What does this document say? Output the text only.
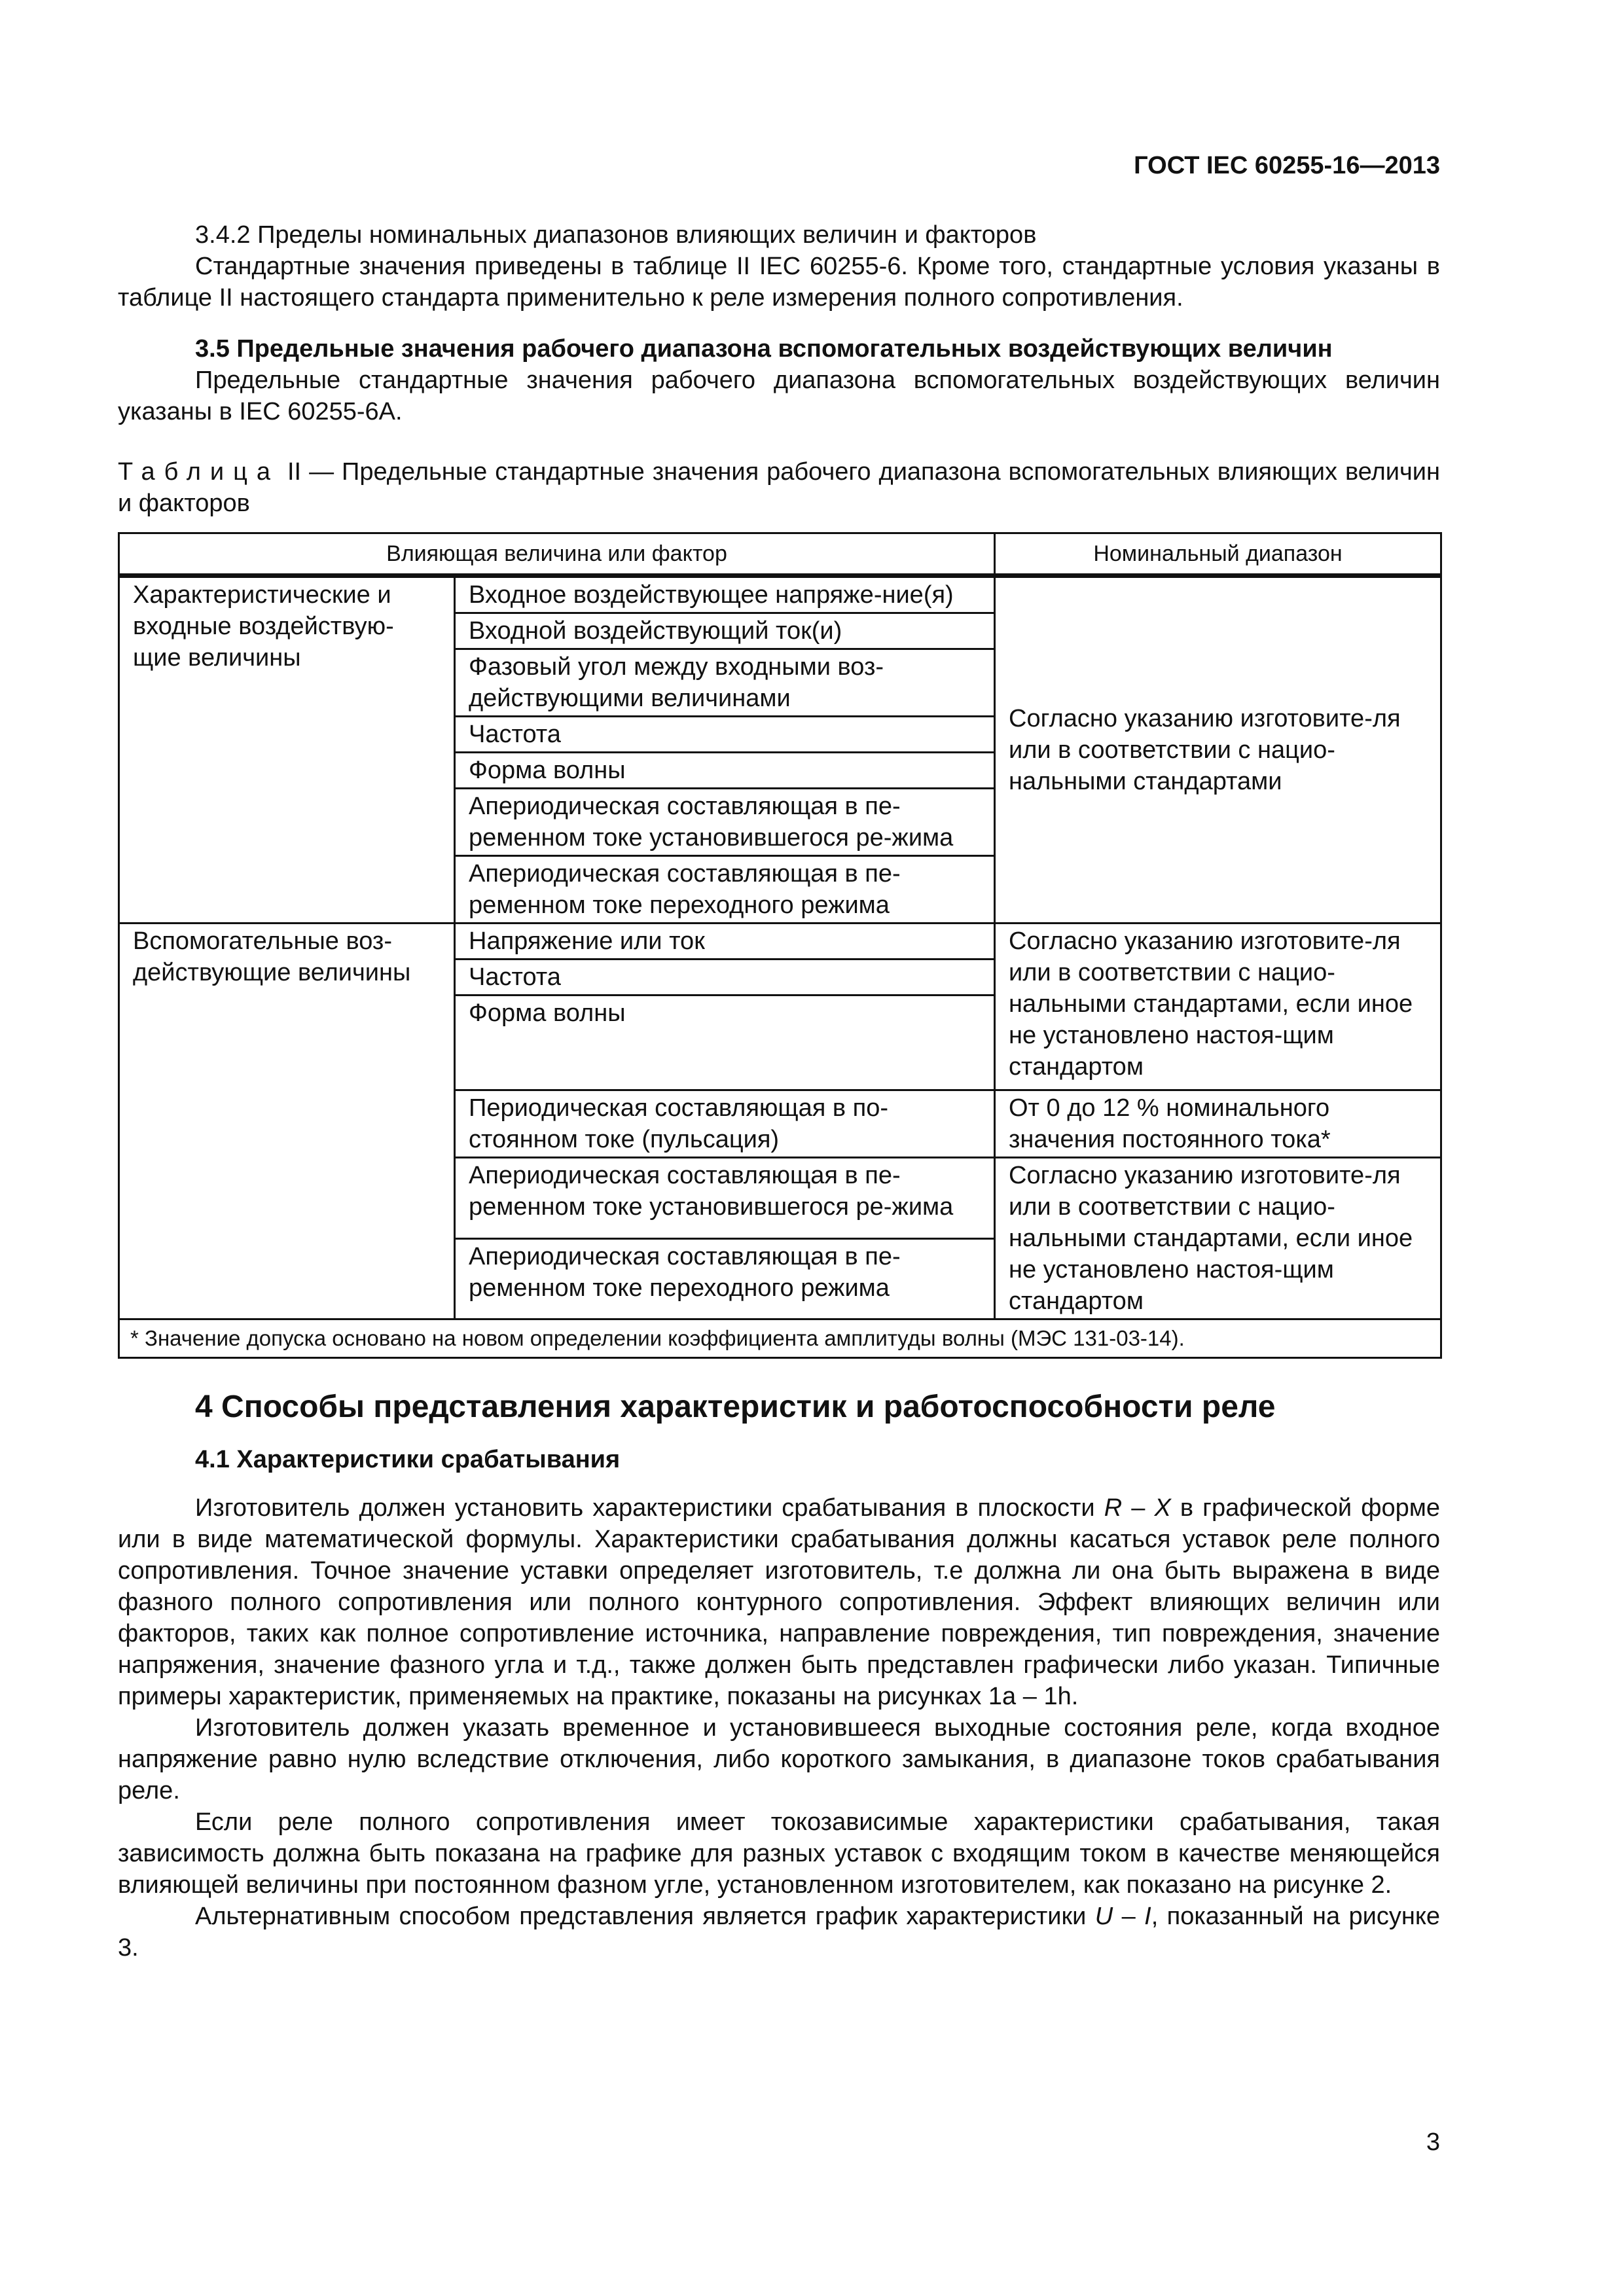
ГОСТ IEC 60255-16—2013

3.4.2 Пределы номинальных диапазонов влияющих величин и факторов

Стандартные значения приведены в таблице II IEC 60255-6. Кроме того, стандартные условия указаны в таблице II настоящего стандарта применительно к реле измерения полного сопротивления.

3.5 Предельные значения рабочего диапазона вспомогательных воздействующих величин

Предельные стандартные значения рабочего диапазона вспомогательных воздействующих величин указаны в IEC 60255-6A.

Таблица II — Предельные стандартные значения рабочего диапазона вспомогательных влияющих величин и факторов

Влияющая величина или фактор		Номинальный диапазон
Характеристические и входные воздействую-щие величины	Входное воздействующее напряже-ние(я)	Согласно указанию изготовите-ля или в соответствии с нацио-нальными стандартами
	Входной воздействующий ток(и)	
	Фазовый угол между входными воз-действующими величинами	
	Частота	
	Форма волны	
	Апериодическая составляющая в пе-ременном токе установившегося ре-жима	
	Апериодическая составляющая в пе-ременном токе переходного режима	
Вспомогательные воз-действующие величины	Напряжение или ток	Согласно указанию изготовите-ля или в соответствии с нацио-нальными стандартами, если иное не установлено настоя-щим стандартом
	Частота	
	Форма волны	
	Периодическая составляющая в по-стоянном токе (пульсация)	От 0 до 12 % номинального значения постоянного тока*
	Апериодическая составляющая в пе-ременном токе установившегося ре-жима	Согласно указанию изготовите-ля или в соответствии с нацио-нальными стандартами, если иное не установлено настоя-щим стандартом
	Апериодическая составляющая в пе-ременном токе переходного режима	
* Значение допуска основано на новом определении коэффициента амплитуды волны (МЭС 131-03-14).		

4 Способы представления характеристик и работоспособности реле

4.1 Характеристики срабатывания

Изготовитель должен установить характеристики срабатывания в плоскости R – X в графической форме или в виде математической формулы. Характеристики срабатывания должны касаться уставок реле полного сопротивления. Точное значение уставки определяет изготовитель, т.е должна ли она быть выражена в виде фазного полного сопротивления или полного контурного сопротивления. Эффект влияющих величин или факторов, таких как полное сопротивление источника, направление повреждения, тип повреждения, значение напряжения, значение фазного угла и т.д., также должен быть представлен графически либо указан. Типичные примеры характеристик, применяемых на практике, показаны на рисунках 1a – 1h.

Изготовитель должен указать временное и установившееся выходные состояния реле, когда входное напряжение равно нулю вследствие отключения, либо короткого замыкания, в диапазоне токов срабатывания реле.

Если реле полного сопротивления имеет токозависимые характеристики срабатывания, такая зависимость должна быть показана на графике для разных уставок с входящим током в качестве меняющейся влияющей величины при постоянном фазном угле, установленном изготовителем, как показано на рисунке 2.

Альтернативным способом представления является график характеристики U – I, показанный на рисунке 3.

3
